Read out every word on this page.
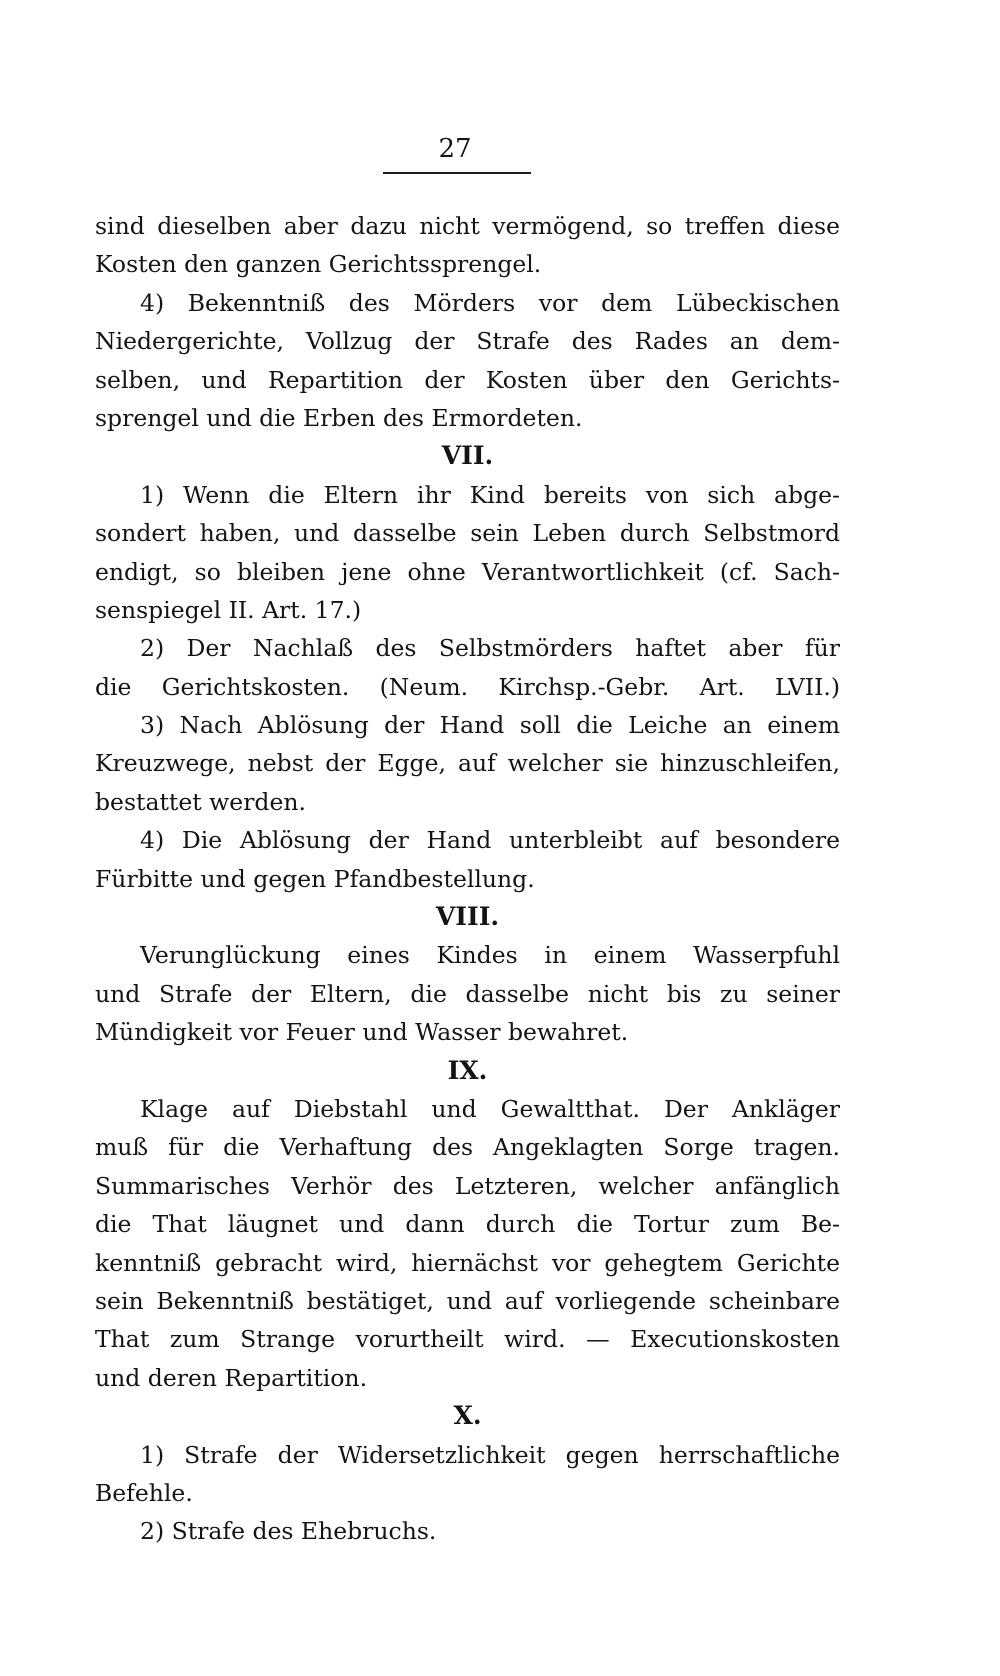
27
sind dieselben aber dazu nicht vermögend, so treffen diese
Kosten den ganzen Gerichtssprengel.
4) Bekenntniß des Mörders vor dem Lübeckischen
Niedergerichte, Vollzug der Strafe des Rades an dem-
selben, und Repartition der Kosten über den Gerichts-
sprengel und die Erben des Ermordeten.
VII.
1) Wenn die Eltern ihr Kind bereits von sich abge-
sondert haben, und dasselbe sein Leben durch Selbstmord
endigt, so bleiben jene ohne Verantwortlichkeit (cf. Sach-
senspiegel II. Art. 17.)
2) Der Nachlaß des Selbstmörders haftet aber für
die Gerichtskosten. (Neum. Kirchsp.-Gebr. Art. LVII.)
3) Nach Ablösung der Hand soll die Leiche an einem
Kreuzwege, nebst der Egge, auf welcher sie hinzuschleifen,
bestattet werden.
4) Die Ablösung der Hand unterbleibt auf besondere
Fürbitte und gegen Pfandbestellung.
VIII.
Verunglückung eines Kindes in einem Wasserpfuhl
und Strafe der Eltern, die dasselbe nicht bis zu seiner
Mündigkeit vor Feuer und Wasser bewahret.
IX.
Klage auf Diebstahl und Gewaltthat. Der Ankläger
muß für die Verhaftung des Angeklagten Sorge tragen.
Summarisches Verhör des Letzteren, welcher anfänglich
die That läugnet und dann durch die Tortur zum Be-
kenntniß gebracht wird, hiernächst vor gehegtem Gerichte
sein Bekenntniß bestätiget, und auf vorliegende scheinbare
That zum Strange vorurtheilt wird. — Executionskosten
und deren Repartition.
X.
1) Strafe der Widersetzlichkeit gegen herrschaftliche
Befehle.
2) Strafe des Ehebruchs.
